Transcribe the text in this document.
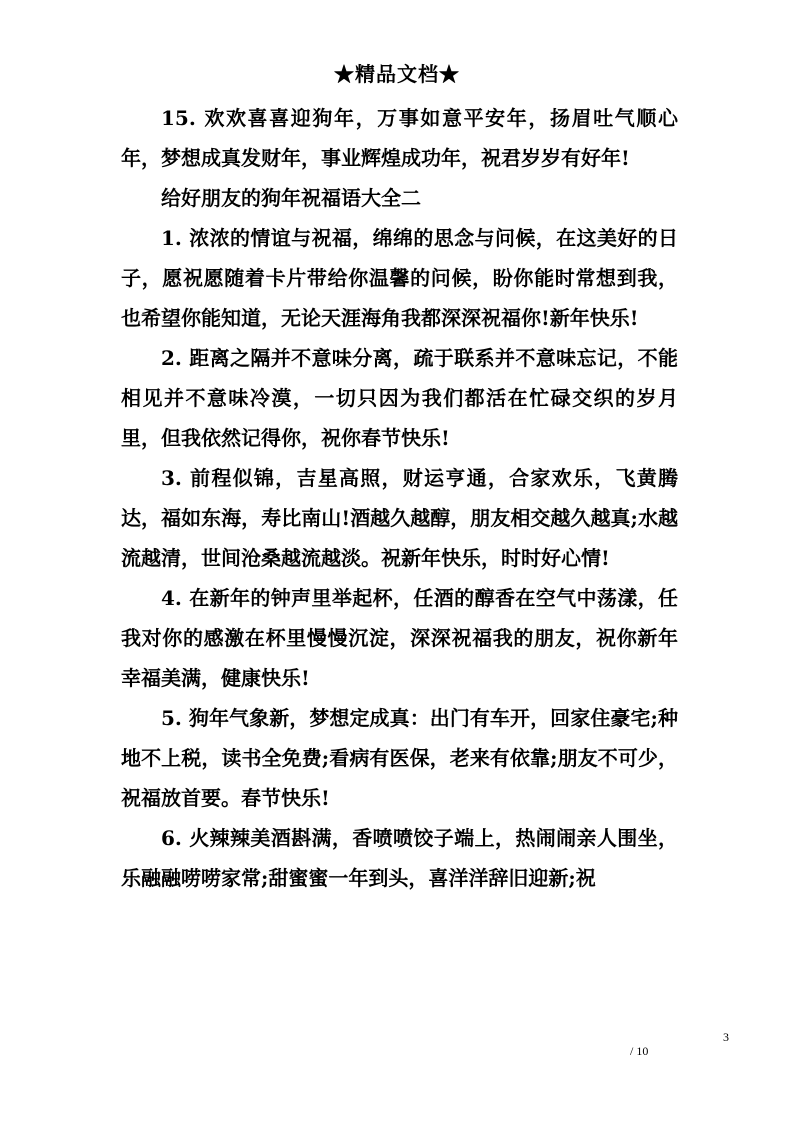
★精品文档★

15. 欢欢喜喜迎狗年，万事如意平安年，扬眉吐气顺心年，梦想成真发财年，事业辉煌成功年，祝君岁岁有好年!

给好朋友的狗年祝福语大全二

1. 浓浓的情谊与祝福，绵绵的思念与问候，在这美好的日子，愿祝愿随着卡片带给你温馨的问候，盼你能时常想到我，也希望你能知道，无论天涯海角我都深深祝福你!新年快乐!

2. 距离之隔并不意味分离，疏于联系并不意味忘记，不能相见并不意味冷漠，一切只因为我们都活在忙碌交织的岁月里，但我依然记得你，祝你春节快乐!

3. 前程似锦，吉星高照，财运亨通，合家欢乐，飞黄腾达，福如东海，寿比南山!酒越久越醇，朋友相交越久越真;水越流越清，世间沧桑越流越淡。祝新年快乐，时时好心情!

4. 在新年的钟声里举起杯，任酒的醇香在空气中荡漾，任我对你的感激在杯里慢慢沉淀，深深祝福我的朋友，祝你新年幸福美满，健康快乐!

5. 狗年气象新，梦想定成真：出门有车开，回家住豪宅;种地不上税，读书全免费;看病有医保，老来有依靠;朋友不可少，祝福放首要。春节快乐!

6. 火辣辣美酒斟满，香喷喷饺子端上，热闹闹亲人围坐，乐融融唠唠家常;甜蜜蜜一年到头，喜洋洋辞旧迎新;祝

3
/ 10
